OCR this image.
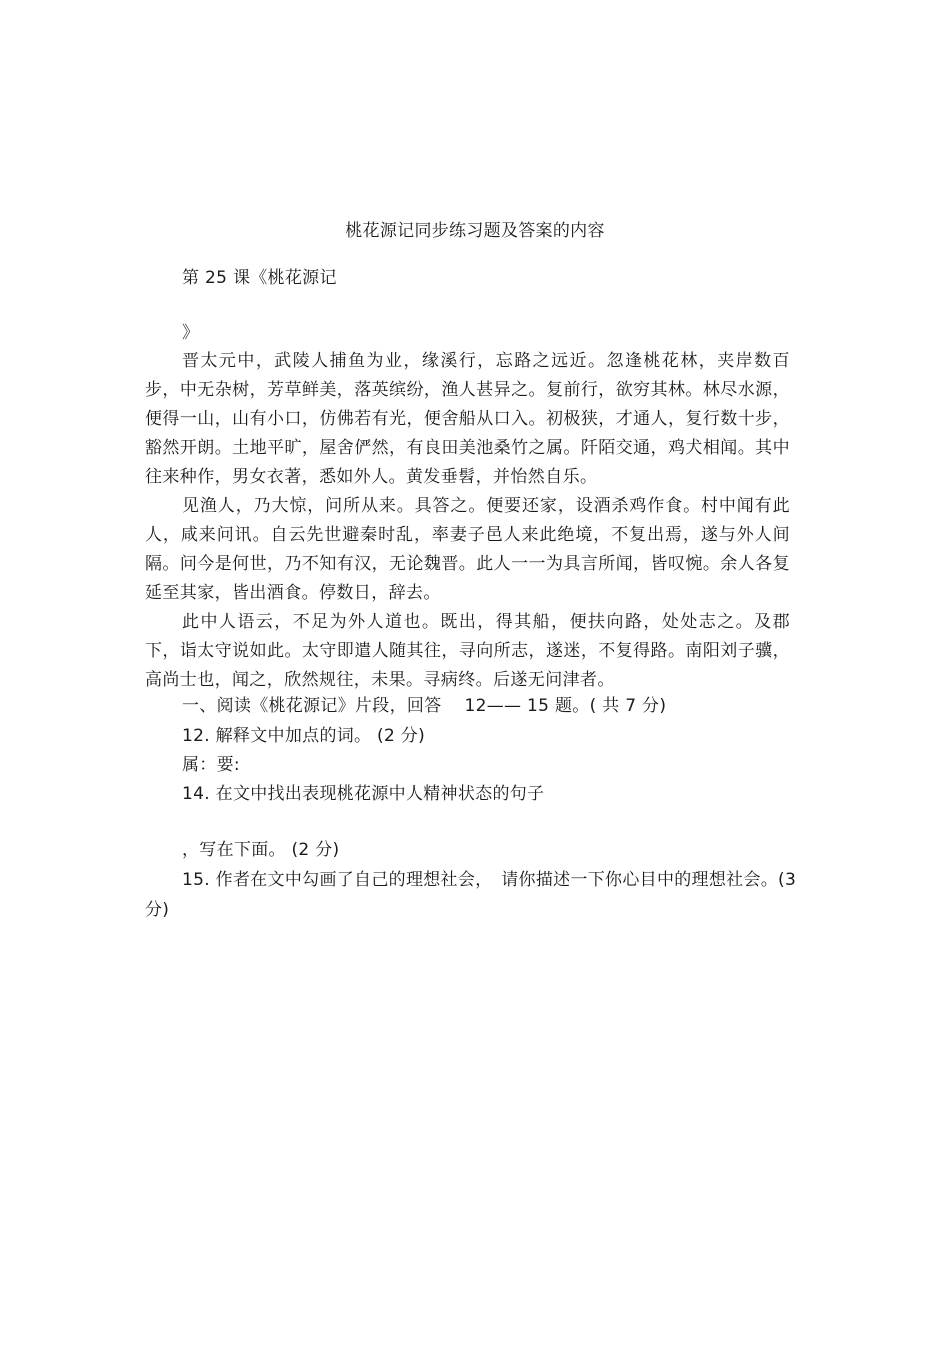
桃花源记同步练习题及答案的内容
第 25 课《桃花源记
》

晋太元中，武陵人捕鱼为业，缘溪行，忘路之远近。忽逢桃花林，夹岸数百步，中无杂树，芳草鲜美，落英缤纷，渔人甚异之。复前行，欲穷其林。林尽水源，便得一山，山有小口，仿佛若有光，便舍船从口入。初极狭，才通人，复行数十步，豁然开朗。土地平旷，屋舍俨然，有良田美池桑竹之属。阡陌交通，鸡犬相闻。其中往来种作，男女衣著，悉如外人。黄发垂髫，并怡然自乐。

见渔人，乃大惊，问所从来。具答之。便要还家，设酒杀鸡作食。村中闻有此人，咸来问讯。自云先世避秦时乱，率妻子邑人来此绝境，不复出焉，遂与外人间隔。问今是何世，乃不知有汉，无论魏晋。此人一一为具言所闻，皆叹惋。余人各复延至其家，皆出酒食。停数日，辞去。

此中人语云，不足为外人道也。既出，得其船，便扶向路，处处志之。及郡下，诣太守说如此。太守即遣人随其往，寻向所志，遂迷，不复得路。南阳刘子骥，高尚士也，闻之，欣然规往，未果。寻病终。后遂无问津者。

一、阅读《桃花源记》片段，回答　 12—— 15 题。( 共 7 分)
12. 解释文中加点的词。 (2 分)
属：要:
14. 在文中找出表现桃花源中人精神状态的句子
，写在下面。 (2 分)
15. 作者在文中勾画了自己的理想社会，　请你描述一下你心目中的理想社会。(3 分)
